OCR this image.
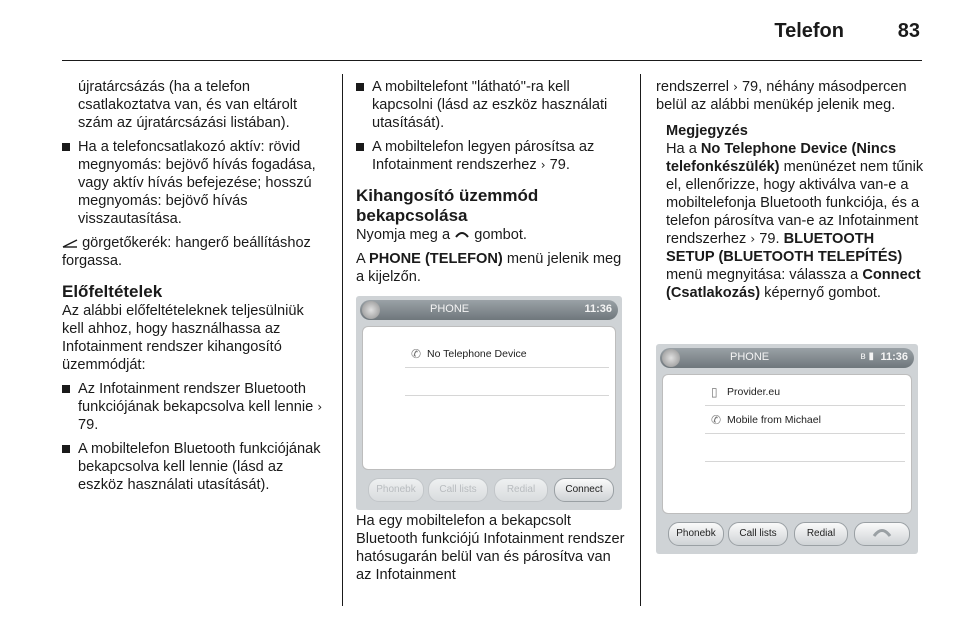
Telefon	83
újratárcsázás (ha a telefon csatlakoztatva van, és van eltárolt szám az újratárcsázási listában).
Ha a telefoncsatlakozó aktív: rövid megnyomás: bejövő hívás fogadása, vagy aktív hívás befejezése; hosszú megnyomás: bejövő hívás visszautasítása.
görgetőkerék: hangerő beállításhoz forgassa.
Előfeltételek
Az alábbi előfeltételeknek teljesülniük kell ahhoz, hogy használhassa az Infotainment rendszer kihangosító üzemmódját:
Az Infotainment rendszer Bluetooth funkciójának bekapcsolva kell lennie › 79.
A mobiltelefon Bluetooth funkciójának bekapcsolva kell lennie (lásd az eszköz használati utasítását).
A mobiltelefont "látható"-ra kell kapcsolni (lásd az eszköz használati utasítását).
A mobiltelefon legyen párosítsa az Infotainment rendszerhez › 79.
Kihangosító üzemmód bekapcsolása
Nyomja meg a gombot.
A PHONE (TELEFON) menü jelenik meg a kijelzőn.
Ha egy mobiltelefon a bekapcsolt Bluetooth funkciójú Infotainment rendszer hatósugarán belül van és párosítva van az Infotainment
PHONE	11:36
✆ No Telephone Device
Phonebk	Call lists	Redial	Connect
rendszerrel › 79, néhány másodpercen belül az alábbi menükép jelenik meg.
Megjegyzés
Ha a No Telephone Device (Nincs telefonkészülék) menünézet nem tűnik el, ellenőrizze, hogy aktiválva van-e a mobiltelefonja Bluetooth funkciója, és a telefon párosítva van-e az Infotainment rendszerhez › 79. BLUETOOTH SETUP (BLUETOOTH TELEPÍTÉS) menü megnyitása: válassza a Connect (Csatlakozás) képernyő gombot.
PHONE	ʙ ▮ 11:36
▯ Provider.eu
✆ Mobile from Michael
Phonebk	Call lists	Redial
